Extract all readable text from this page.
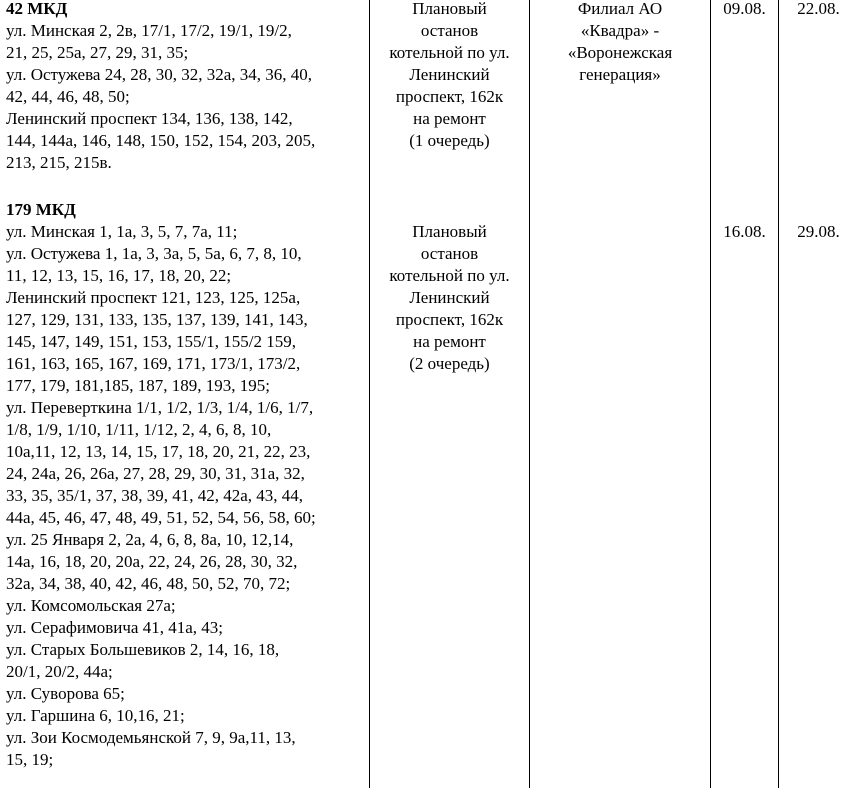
42 МКД

ул. Минская 2, 2в, 17/1, 17/2, 19/1, 19/2,

21, 25, 25а, 27, 29, 31, 35;

ул. Остужева 24, 28, 30, 32, 32а, 34, 36, 40,

42, 44, 46, 48, 50;

Ленинский проспект 134, 136, 138, 142,

144, 144а, 146, 148, 150, 152, 154, 203, 205,

213, 215, 215в.

Плановый

останов

котельной по ул.

Ленинский

проспект, 162к

на ремонт

(1 очередь)

Филиал АО

«Квадра» -

«Воронежская

генерация»

09.08.	22.08.

179 МКД

ул. Минская 1, 1а, 3, 5, 7, 7а, 11;

ул. Остужева 1, 1а, 3, 3а, 5, 5а, 6, 7, 8, 10,

11, 12, 13, 15, 16, 17, 18, 20, 22;

Ленинский проспект 121, 123, 125, 125а,

127, 129, 131, 133, 135, 137, 139, 141, 143,

145, 147, 149, 151, 153, 155/1, 155/2 159,

161, 163, 165, 167, 169, 171, 173/1, 173/2,

177, 179, 181,185, 187, 189, 193, 195;

ул. Переверткина 1/1, 1/2, 1/3, 1/4, 1/6, 1/7,

1/8, 1/9, 1/10, 1/11, 1/12, 2, 4, 6, 8, 10,

10а,11, 12, 13, 14, 15, 17, 18, 20, 21, 22, 23,

24, 24а, 26, 26а, 27, 28, 29, 30, 31, 31а, 32,

33, 35, 35/1, 37, 38, 39, 41, 42, 42а, 43, 44,

44а, 45, 46, 47, 48, 49, 51, 52, 54, 56, 58, 60;

ул. 25 Января 2, 2а, 4, 6, 8, 8а, 10, 12,14,

14а, 16, 18, 20, 20а, 22, 24, 26, 28, 30, 32,

32а, 34, 38, 40, 42, 46, 48, 50, 52, 70, 72;

ул. Комсомольская 27а;

ул. Серафимовича 41, 41а, 43;

ул. Старых Большевиков 2, 14, 16, 18,

20/1, 20/2, 44а;

ул. Суворова 65;

ул. Гаршина 6, 10,16, 21;

ул. Зои Космодемьянской 7, 9, 9а,11, 13,

15, 19;

Плановый

останов

котельной по ул.

Ленинский

проспект, 162к

на ремонт

(2 очередь)

16.08.	29.08.
